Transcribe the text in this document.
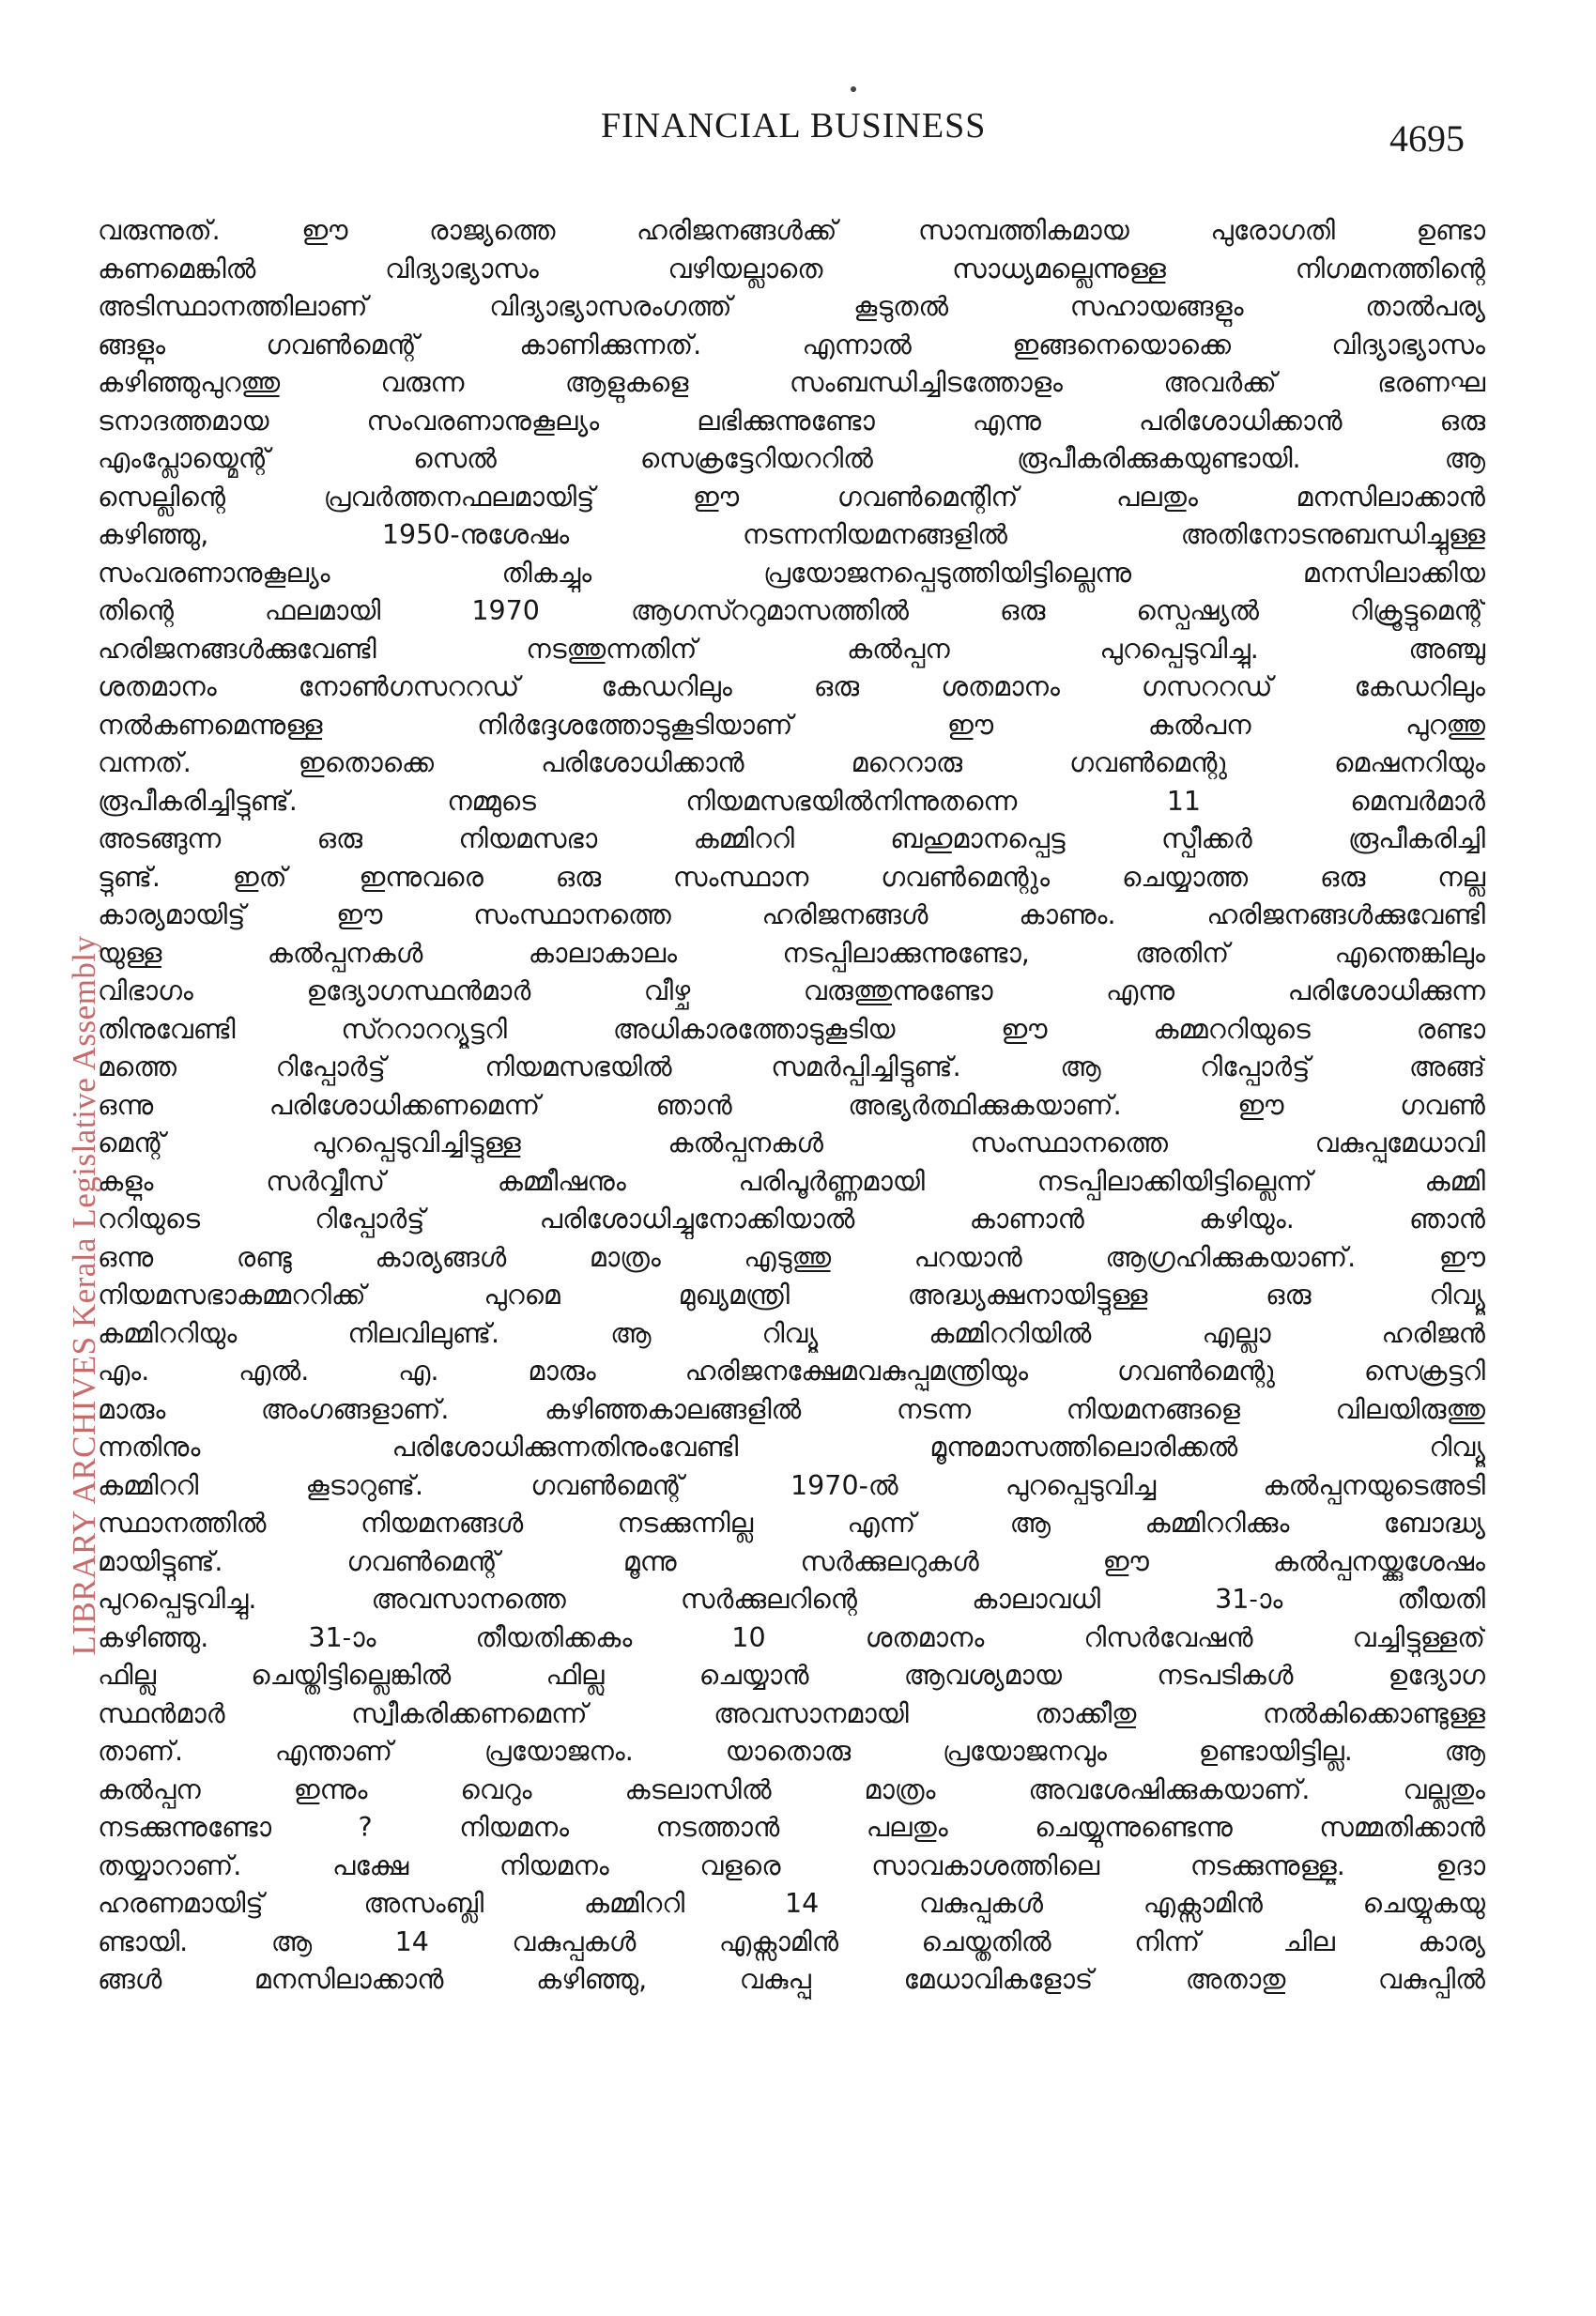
FINANCIAL BUSINESS	4695
LIBRARY ARCHIVES Kerala Legislative Assembly
വരുന്നുത്. ഈ രാജ്യത്തെ ഹരിജനങ്ങൾക്ക് സാമ്പത്തികമായ പുരോഗതി ഉണ്ടാ
കണമെങ്കിൽ വിദ്യാഭ്യാസം വഴിയല്ലാതെ സാധ്യമല്ലെന്നുള്ള നിഗമനത്തിന്റെ
അടിസ്ഥാനത്തിലാണ് വിദ്യാഭ്യാസരംഗത്ത് കൂടുതൽ സഹായങ്ങളും താൽപര്യ
ങ്ങളും ഗവൺമെന്റ് കാണിക്കുന്നത്. എന്നാൽ ഇങ്ങനെയൊക്കെ വിദ്യാഭ്യാസം
കഴിഞ്ഞുപുറത്തു വരുന്ന ആളുകളെ സംബന്ധിച്ചിടത്തോളം അവർക്ക് ഭരണഘ
ടനാദത്തമായ സംവരണാനുകൂല്യം ലഭിക്കുന്നുണ്ടോ എന്നു പരിശോധിക്കാൻ ഒരു
എംപ്ലോയ്മെന്റ് സെൽ സെക്രട്ടേറിയററിൽ രൂപീകരിക്കുകയുണ്ടായി. ആ
സെല്ലിന്റെ പ്രവർത്തനഫലമായിട്ട് ഈ ഗവൺമെന്റിന് പലതും മനസിലാക്കാൻ
കഴിഞ്ഞു, 1950-നുശേഷം നടന്നനിയമനങ്ങളിൽ അതിനോടനുബന്ധിച്ചുള്ള
സംവരണാനുകൂല്യം തികച്ചും പ്രയോജനപ്പെടുത്തിയിട്ടില്ലെന്നു മനസിലാക്കിയ
തിന്റെ ഫലമായി 1970 ആഗസ്ററുമാസത്തിൽ ഒരു സ്പെഷ്യൽ റിക്രൂട്ടുമെന്റ്
ഹരിജനങ്ങൾക്കുവേണ്ടി നടത്തുന്നതിന് കൽപ്പന പുറപ്പെടുവിച്ചു. അഞ്ചു
ശതമാനം നോൺഗസററഡ് കേഡറിലും ഒരു ശതമാനം ഗസററഡ് കേഡറിലും
നൽകണമെന്നുള്ള നിർദ്ദേശത്തോടുകൂടിയാണ് ഈ കൽപന പുറത്തു
വന്നത്. ഇതൊക്കെ പരിശോധിക്കാൻ മറെറാരു ഗവൺമെന്റു മെഷനറിയും
രൂപീകരിച്ചിട്ടുണ്ട്. നമ്മുടെ നിയമസഭയിൽനിന്നുതന്നെ 11 മെമ്പർമാർ
അടങ്ങുന്ന ഒരു നിയമസഭാ കമ്മിററി ബഹുമാനപ്പെട്ട സ്പീക്കർ രൂപീകരിച്ചി
ട്ടുണ്ട്. ഇത് ഇന്നുവരെ ഒരു സംസ്ഥാന ഗവൺമെന്റും ചെയ്യാത്ത ഒരു നല്ല
കാര്യമായിട്ട് ഈ സംസ്ഥാനത്തെ ഹരിജനങ്ങൾ കാണും. ഹരിജനങ്ങൾക്കുവേണ്ടി
യുള്ള കൽപ്പനകൾ കാലാകാലം നടപ്പിലാക്കുന്നുണ്ടോ, അതിന് എന്തെങ്കിലും
വിഭാഗം ഉദ്യോഗസ്ഥൻമാർ വീഴ്ച വരുത്തുന്നുണ്ടോ എന്നു പരിശോധിക്കുന്ന
തിനുവേണ്ടി സ്ററാററ്യൂട്ടറി അധികാരത്തോടുകൂടിയ ഈ കമ്മററിയുടെ രണ്ടാ
മത്തെ റിപ്പോർട്ട് നിയമസഭയിൽ സമർപ്പിച്ചിട്ടുണ്ട്. ആ റിപ്പോർട്ട് അങ്ങ്
ഒന്നു പരിശോധിക്കണമെന്ന് ഞാൻ അഭ്യർത്ഥിക്കുകയാണ്. ഈ ഗവൺ
മെന്റ് പുറപ്പെടുവിച്ചിട്ടുള്ള കൽപ്പനകൾ സംസ്ഥാനത്തെ വകുപ്പുമേധാവി
കളും സർവ്വീസ് കമ്മീഷനും പരിപൂർണ്ണമായി നടപ്പിലാക്കിയിട്ടില്ലെന്ന് കമ്മി
ററിയുടെ റിപ്പോർട്ട് പരിശോധിച്ചുനോക്കിയാൽ കാണാൻ കഴിയും. ഞാൻ
ഒന്നു രണ്ടു കാര്യങ്ങൾ മാത്രം എടുത്തു പറയാൻ ആഗ്രഹിക്കുകയാണ്. ഈ
നിയമസഭാകമ്മററിക്ക് പുറമെ മുഖ്യമന്ത്രി അദ്ധ്യക്ഷനായിട്ടുള്ള ഒരു റിവ്യൂ
കമ്മിററിയും നിലവിലുണ്ട്. ആ റിവ്യൂ കമ്മിററിയിൽ എല്ലാ ഹരിജൻ
എം. എൽ. എ. മാരും ഹരിജനക്ഷേമവകുപ്പുമന്ത്രിയും ഗവൺമെന്റു സെക്രട്ടറി
മാരും അംഗങ്ങളാണ്. കഴിഞ്ഞകാലങ്ങളിൽ നടന്ന നിയമനങ്ങളെ വിലയിരുത്തു
ന്നതിനും പരിശോധിക്കുന്നതിനുംവേണ്ടി മൂന്നുമാസത്തിലൊരിക്കൽ റിവ്യൂ
കമ്മിററി കൂടാറുണ്ട്. ഗവൺമെന്റ് 1970-ൽ പുറപ്പെടുവിച്ച കൽപ്പനയുടെഅടി
സ്ഥാനത്തിൽ നിയമനങ്ങൾ നടക്കുന്നില്ല എന്ന് ആ കമ്മിററിക്കും ബോദ്ധ്യ
മായിട്ടുണ്ട്. ഗവൺമെന്റ് മൂന്നു സർക്കുലറുകൾ ഈ കൽപ്പനയ്ക്കുശേഷം
പുറപ്പെടുവിച്ചു. അവസാനത്തെ സർക്കുലറിന്റെ കാലാവധി 31-ാം തീയതി
കഴിഞ്ഞു. 31-ാം തീയതിക്കകം 10 ശതമാനം റിസർവേഷൻ വച്ചിട്ടുള്ളത്
ഫില്ലു ചെയ്തിട്ടില്ലെങ്കിൽ ഫില്ലു ചെയ്യാൻ ആവശ്യമായ നടപടികൾ ഉദ്യോഗ
സ്ഥൻമാർ സ്വീകരിക്കണമെന്ന് അവസാനമായി താക്കീതു നൽകിക്കൊണ്ടുള്ള
താണ്. എന്താണ് പ്രയോജനം. യാതൊരു പ്രയോജനവും ഉണ്ടായിട്ടില്ല. ആ
കൽപ്പന ഇന്നും വെറും കടലാസിൽ മാത്രം അവശേഷിക്കുകയാണ്. വല്ലതും
നടക്കുന്നുണ്ടോ ? നിയമനം നടത്താൻ പലതും ചെയ്യുന്നുണ്ടെന്നു സമ്മതിക്കാൻ
തയ്യാറാണ്. പക്ഷേ നിയമനം വളരെ സാവകാശത്തിലെ നടക്കുന്നുള്ളൂ. ഉദാ
ഹരണമായിട്ട് അസംബ്ലി കമ്മിററി 14 വകുപ്പുകൾ എക്സാമിൻ ചെയ്യുകയു
ണ്ടായി. ആ 14 വകുപ്പുകൾ എക്സാമിൻ ചെയ്തതിൽ നിന്ന് ചില കാര്യ
ങ്ങൾ മനസിലാക്കാൻ കഴിഞ്ഞു, വകുപ്പു മേധാവികളോട് അതാതു വകുപ്പിൽ
